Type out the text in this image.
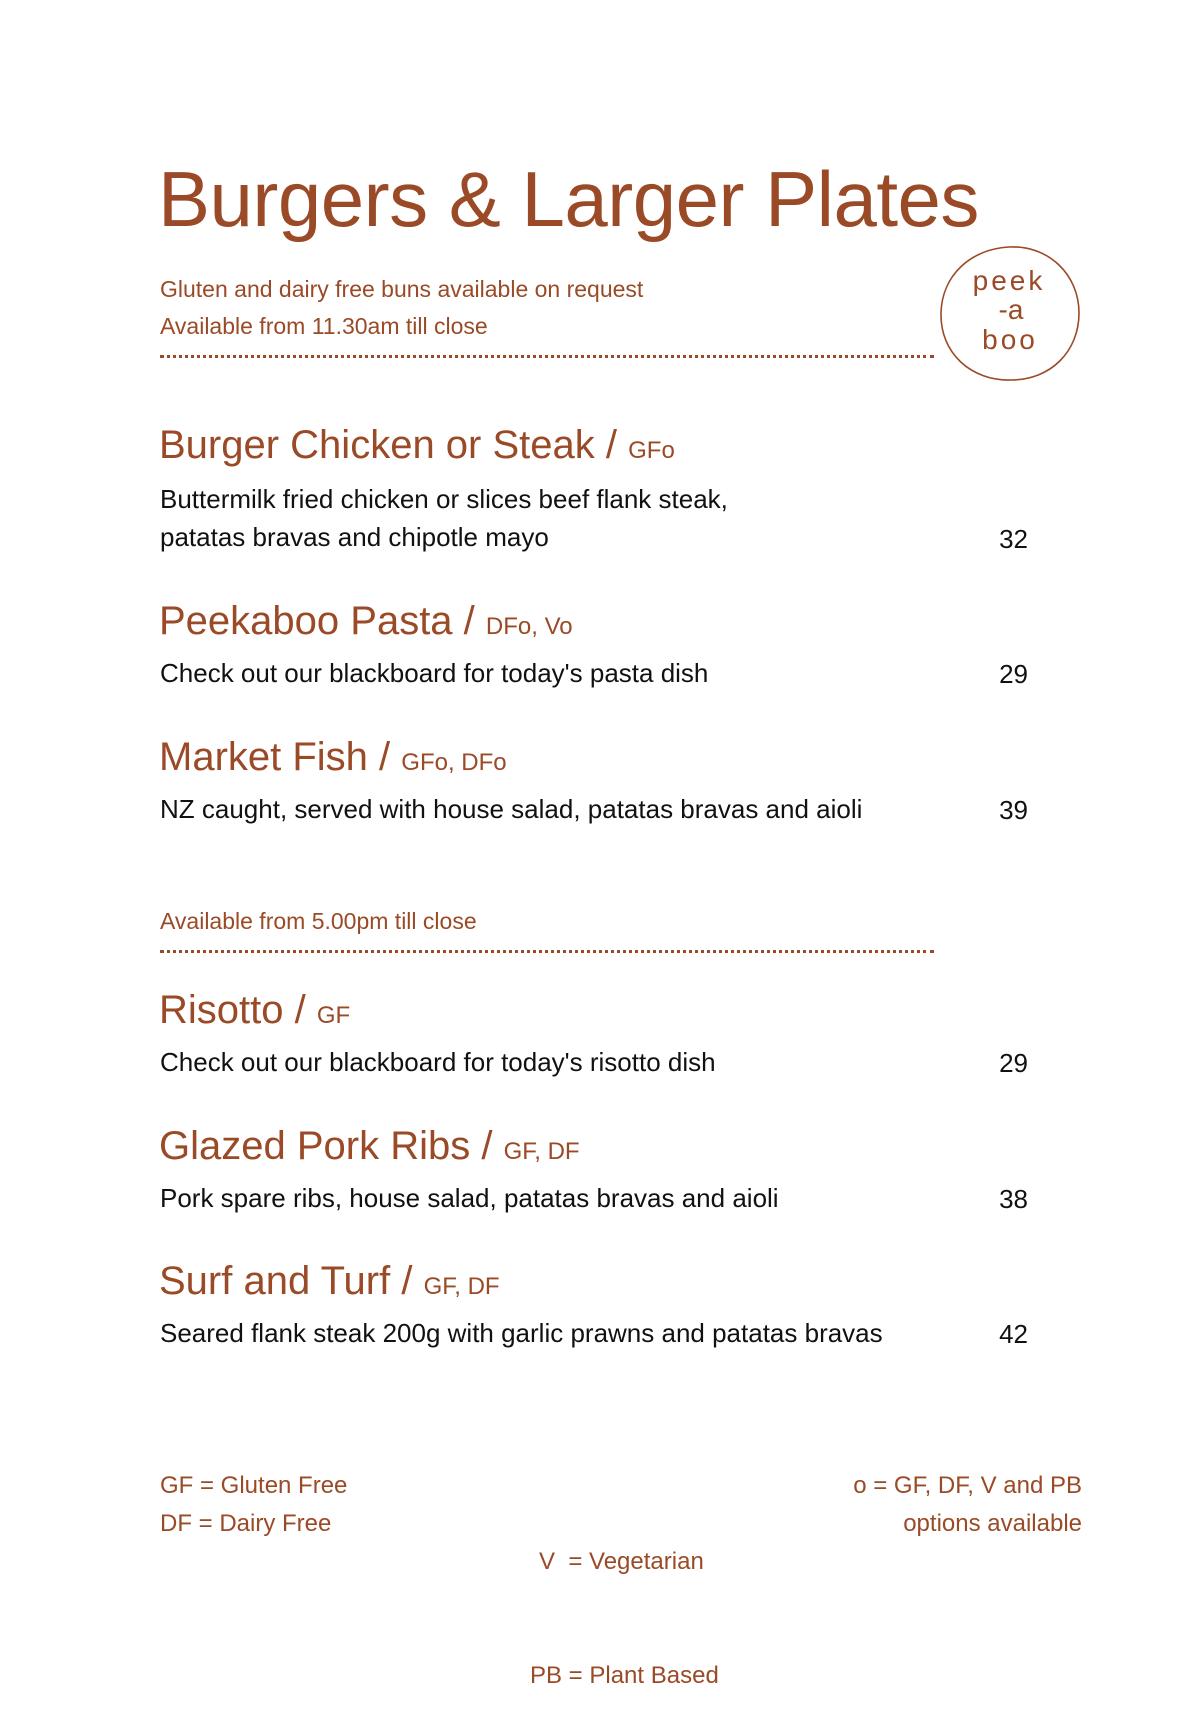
Burgers & Larger Plates
Gluten and dairy free buns available on request
Available from 11.30am till close
peek
-a
boo
Burger Chicken or Steak / GFo
Buttermilk fried chicken or slices beef flank steak,
patatas bravas and chipotle mayo	32
Peekaboo Pasta / DFo, Vo
Check out our blackboard for today's pasta dish	29
Market Fish / GFo, DFo
NZ caught, served with house salad, patatas bravas and aioli	39
Available from 5.00pm till close
Risotto / GF
Check out our blackboard for today's risotto dish	29
Glazed Pork Ribs / GF, DF
Pork spare ribs, house salad, patatas bravas and aioli	38
Surf and Turf / GF, DF
Seared flank steak 200g with garlic prawns and patatas bravas	42
GF = Gluten Free
DF = Dairy Free

V  = Vegetarian

PB = Plant Based

o = GF, DF, V and PB
options available
